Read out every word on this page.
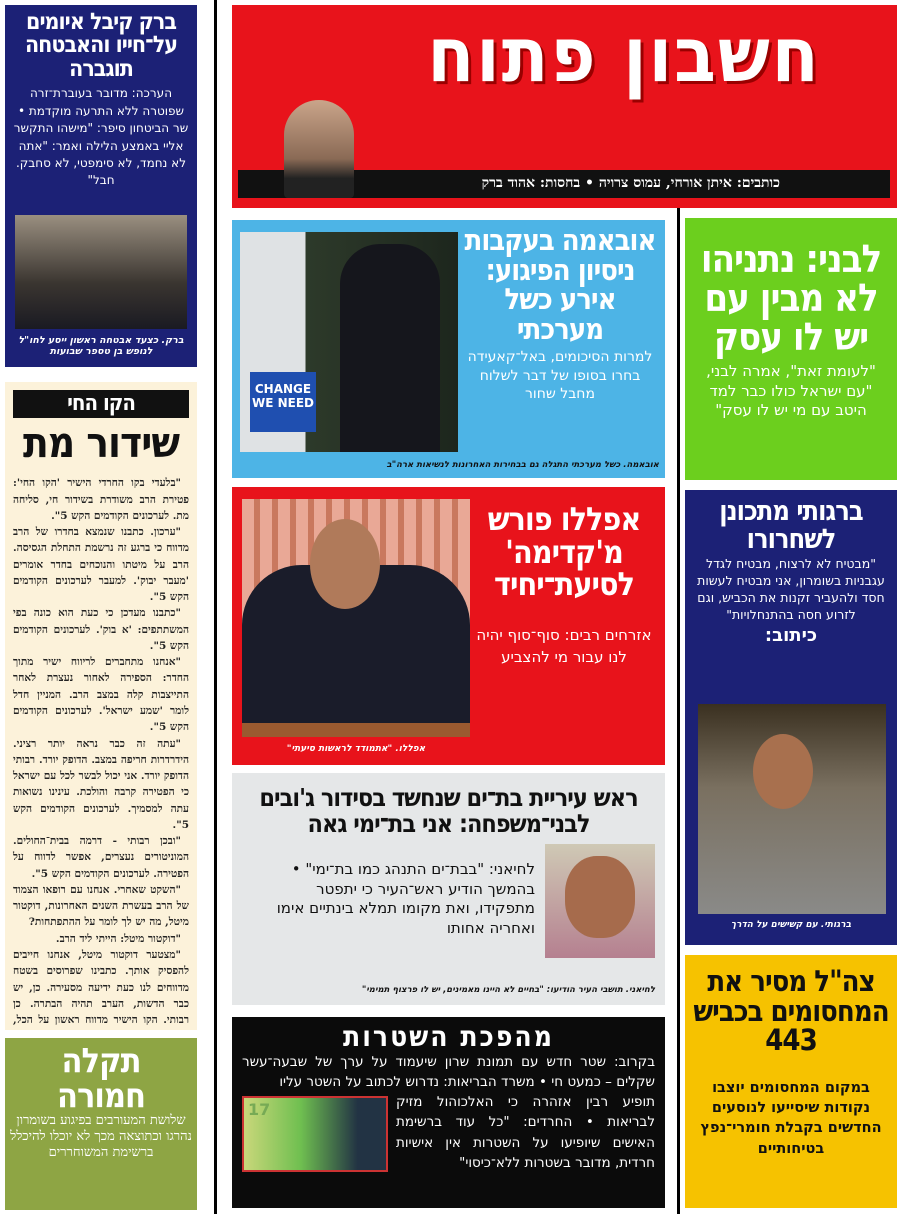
ברק קיבל איומים על־חייו והאבטחה תוגברה
הערכה: מדובר בעוברת־זרה שפוטרה ללא התרעה מוקדמת • שר הביטחון סיפר: "מישהו התקשר אליי באמצע הלילה ואמר: "אתה לא נחמד, לא סימפטי, לא סחבק. חבל"
ברק. כצעד אבטחה ראשון ייסע לחו"ל לנופש בן טספר שבועות
הקו החי
שידור מת

"בלעדי בקו החרדי הישיר 'הקו החי': פטירת הרב משודרת בשידור חי, סליחה מת. לערכונים הקודמים הקש 5".

"ערכון. כתבנו שנמצא בחדרו של הרב מדווח כי ברגע זה נרשמת התחלת הגסיסה. הרב על מיטתו והנוכחים בחדר אומרים 'מעבר יבוק'. למעבר לערכונים הקודמים הקש 5".

"כתבנו מעדכן כי כעת הוא כונה בפי המשתתפים: 'א בוק'. לערכונים הקודמים הקש 5".

"אנחנו מתחברים לריווח ישיר מתוך החדר: הספירה לאחור נעצרת לאחר התייצבות קלה במצב הרב. המניין חדל לומר 'שמע ישראל'. לערכונים הקודמים הקש 5".

"עתה זה כבר נראה יותר רציני. הידרדרות חריפה במצב. הדופק יורד. רבותי הדופק יורד. אני יכול לבשר לכל עם ישראל כי הפטירה קרבה והולכת. עינינו נשואות עתה למסמיך. לערכונים הקודמים הקש 5".

"ובכן רבותי - דרמה בבית־החולים. המוניטורים נעצרים, אפשר לדווח על הפטירה. לערכונים הקודמים הקש 5".

"השקט שאחרי. אנחנו עם רופאו הצמוד של הרב בעשרת השנים האחרונות, דוקטור מיטל, מה יש לך לומר על ההתפתחות?

"דוקטור מיטל: הייתי ליד הרב.

"מצטער דוקטור מיטל, אנחנו חייבים להפסיק אותך. כתבינו שפרוסים בשטח מדווחים לנו כעת ידיעה מסעירה. כן, יש כבר הדשות, הערב תהיה הבתרה. כן רבותי. הקו הישיר מדווח ראשון על הכל,

תקלה חמורה
שלושת המעורבים בפיגוע בשומרון נהרגו וכתוצאה מכך לא יוכלו להיכלל ברשימת המשוחררים
חשבון פתוח
כותבים: איתן אורחי, עמוס צרויה • בחסות: אהוד ברק
אובאמה בעקבות ניסיון הפיגוע: אירע כשל מערכתי
למרות הסיכומים, באל־קאעידה בחרו בסופו של דבר לשלוח מחבל שחור
CHANGE WE NEED
אובאמה. כשל מערכתי התגלה גם בבחירות האחרונות לנשיאות ארה"ב
לבני: נתניהו לא מבין עם יש לו עסק
"לעומת זאת", אמרה לבני, "עם ישראל כולו כבר למד היטב עם מי יש לו עסק"
אפללו. "אתמודד לראשות סיעתי"
אפללו פורש מ'קדימה' לסיעת־יחיד
אזרחים רבים: סוף־סוף יהיה לנו עבור מי להצביע
ברגותי מתכונן לשחרורו
"מבטיח לא לרצוח, מבטיח לגדל עגבניות בשומרון, אני מבטיח לעשות חסד ולהעביר זקנות את הכביש, וגם לזרוע חסה בהתנחלויות"
כיתוב:
ברגותי. עם קשישים על הדרך
ראש עיריית בת־ים שנחשד בסידור ג'ובים לבני־משפחה: אני בת־ימי גאה
לחיאני: "בבת־ים התנהג כמו בת־ימי" • בהמשך הודיע ראש־העיר כי יתפטר מתפקידו, ואת מקומו תמלא בינתיים אימו ואחריה אחותו
לחיאני. תושבי העיר הודיעו: "בחיים לא היינו מאמינים, יש לו פרצוף תמימי"
מהפכת השטרות
בקרוב: שטר חדש עם תמונת שרון שיעמוד על ערך של שבעה־עשר שקלים – כמעט חי • משרד הבריאות: נדרוש לכתוב על השטר עליו
17	תופיע רבין אזהרה כי האלכוהול מזיק לבריאות • החרדים: "כל עוד ברשימת האישים שיופיעו על השטרות אין אישיות חרדית, מדובר בשטרות ללא־כיסוי"
צה"ל מסיר את המחסומים בכביש 443
במקום המחסומים יוצבו נקודות שיסייעו לנוסעים החדשים בקבלת חומרי־נפץ בטיחותיים
